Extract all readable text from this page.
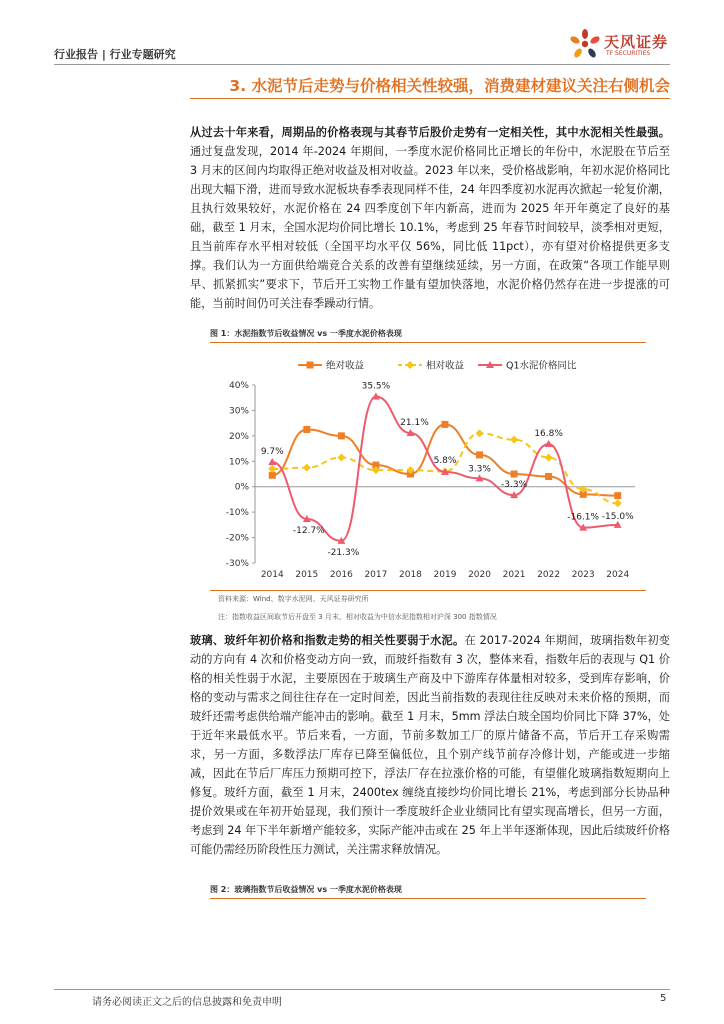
行业报告 | 行业专题研究
天风证券
TF SECURITIES
3. 水泥节后走势与价格相关性较强，消费建材建议关注右侧机会

从过去十年来看，周期品的价格表现与其春节后股价走势有一定相关性，其中水泥相关性最强。通过复盘发现，2014 年-2024 年期间，一季度水泥价格同比正增长的年份中，水泥股在节后至 3 月末的区间内均取得正绝对收益及相对收益。2023 年以来，受价格战影响，年初水泥价格同比出现大幅下滑，进而导致水泥板块春季表现同样不佳，24 年四季度初水泥再次掀起一轮复价潮，且执行效果较好，水泥价格在 24 四季度创下年内新高，进而为 2025 年开年奠定了良好的基础，截至 1 月末，全国水泥均价同比增长 10.1%，考虑到 25 年春节时间较早，淡季相对更短，且当前库存水平相对较低（全国平均水平仅 56%，同比低 11pct），亦有望对价格提供更多支撑。我们认为一方面供给端竞合关系的改善有望继续延续，另一方面，在政策“各项工作能早则早、抓紧抓实”要求下，节后开工实物工作量有望加快落地，水泥价格仍然存在进一步提涨的可能，当前时间仍可关注春季躁动行情。

图 1：水泥指数节后收益情况 vs 一季度水泥价格表现
-30%
-20%
-10%
0%
10%
20%
30%
40%
2014 2015 2016 2017 2018 2019 2020 2021 2022 2023 2024
9.7%
-12.7%
-21.3%
35.5%
21.1%
5.8%
3.3%
-3.3%
16.8%
-16.1% -15.0%
绝对收益	相对收益	Q1水泥价格同比
资料来源：Wind、数字水泥网、天风证券研究所
注：指数收益区间取节后开盘至 3 月末，相对收益为中信水泥指数相对沪深 300 指数情况

玻璃、玻纤年初价格和指数走势的相关性要弱于水泥。在 2017-2024 年期间，玻璃指数年初变动的方向有 4 次和价格变动方向一致，而玻纤指数有 3 次，整体来看，指数年后的表现与 Q1 价格的相关性弱于水泥，主要原因在于玻璃生产商及中下游库存体量相对较多，受到库存影响，价格的变动与需求之间往往存在一定时间差，因此当前指数的表现往往反映对未来价格的预期，而玻纤还需考虑供给端产能冲击的影响。截至 1 月末，5mm 浮法白玻全国均价同比下降 37%，处于近年来最低水平。节后来看，一方面，节前多数加工厂的原片储备不高，节后开工存采购需求，另一方面，多数浮法厂库存已降至偏低位，且个别产线节前存冷修计划，产能或进一步缩减，因此在节后厂库压力预期可控下，浮法厂存在拉涨价格的可能，有望催化玻璃指数短期向上修复。玻纤方面，截至 1 月末，2400tex 缠绕直接纱均价同比增长 21%，考虑到部分长协品种提价效果或在年初开始显现，我们预计一季度玻纤企业业绩同比有望实现高增长，但另一方面，考虑到 24 年下半年新增产能较多，实际产能冲击或在 25 年上半年逐渐体现，因此后续玻纤价格可能仍需经历阶段性压力测试，关注需求释放情况。

图 2：玻璃指数节后收益情况 vs 一季度水泥价格表现
请务必阅读正文之后的信息披露和免责申明	5
